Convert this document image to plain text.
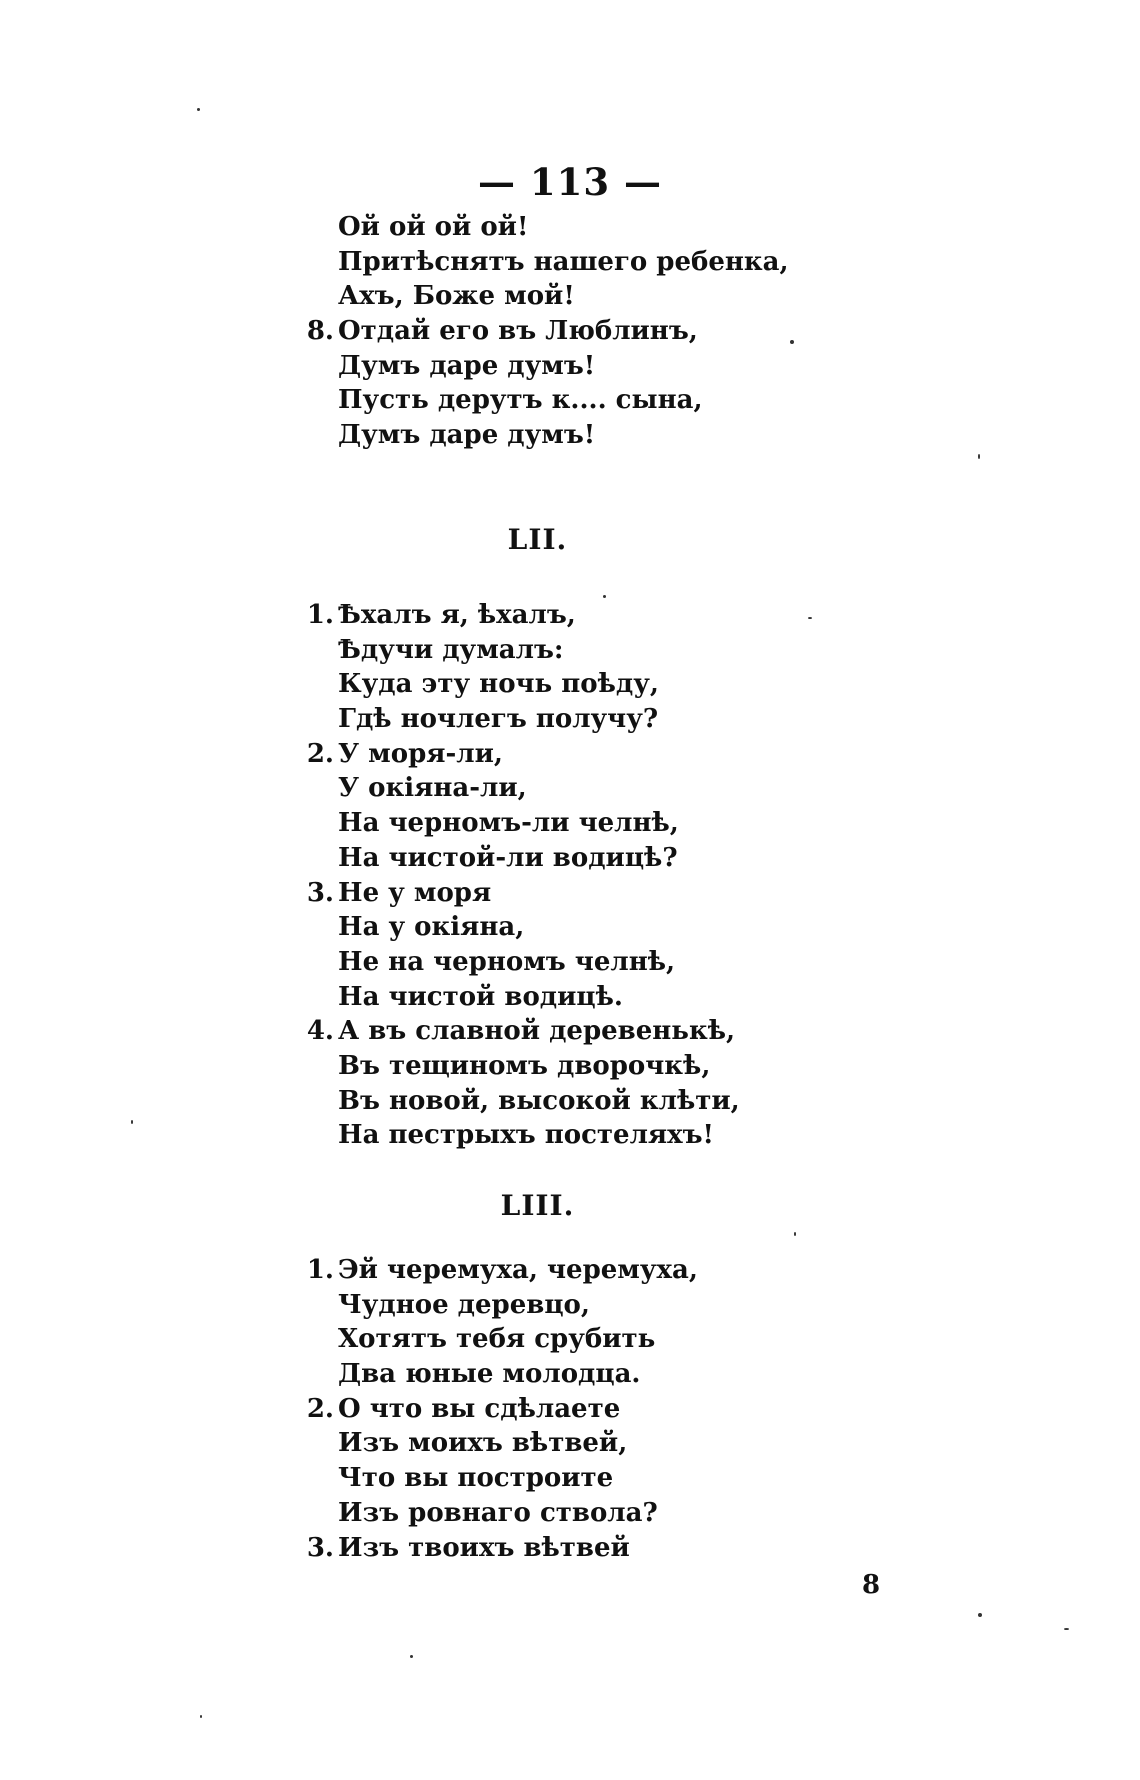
— 113 —
Ой ой ой ой!
Притѣснятъ нашего ребенка,
Ахъ, Боже мой!
8. Отдай его въ Люблинъ,
Думъ даре думъ!
Пусть дерутъ к.... сына,
Думъ даре думъ!
LII.
1. Ѣхалъ я, ѣхалъ,
Ѣдучи думалъ:
Куда эту ночь поѣду,
Гдѣ ночлегъ получу?
2. У моря-ли,
У окіяна-ли,
На черномъ-ли челнѣ,
На чистой-ли водицѣ?
3. Не у моря
На у окіяна,
Не на черномъ челнѣ,
На чистой водицѣ.
4. А въ славной деревенькѣ,
Въ тещиномъ дворочкѣ,
Въ новой, высокой клѣти,
На пестрыхъ постеляхъ!
LIII.
1. Эй черемуха, черемуха,
Чудное деревцо,
Хотятъ тебя срубить
Два юные молодца.
2. О что вы сдѣлаете
Изъ моихъ вѣтвей,
Что вы построите
Изъ ровнаго ствола?
3. Изъ твоихъ вѣтвей
8
